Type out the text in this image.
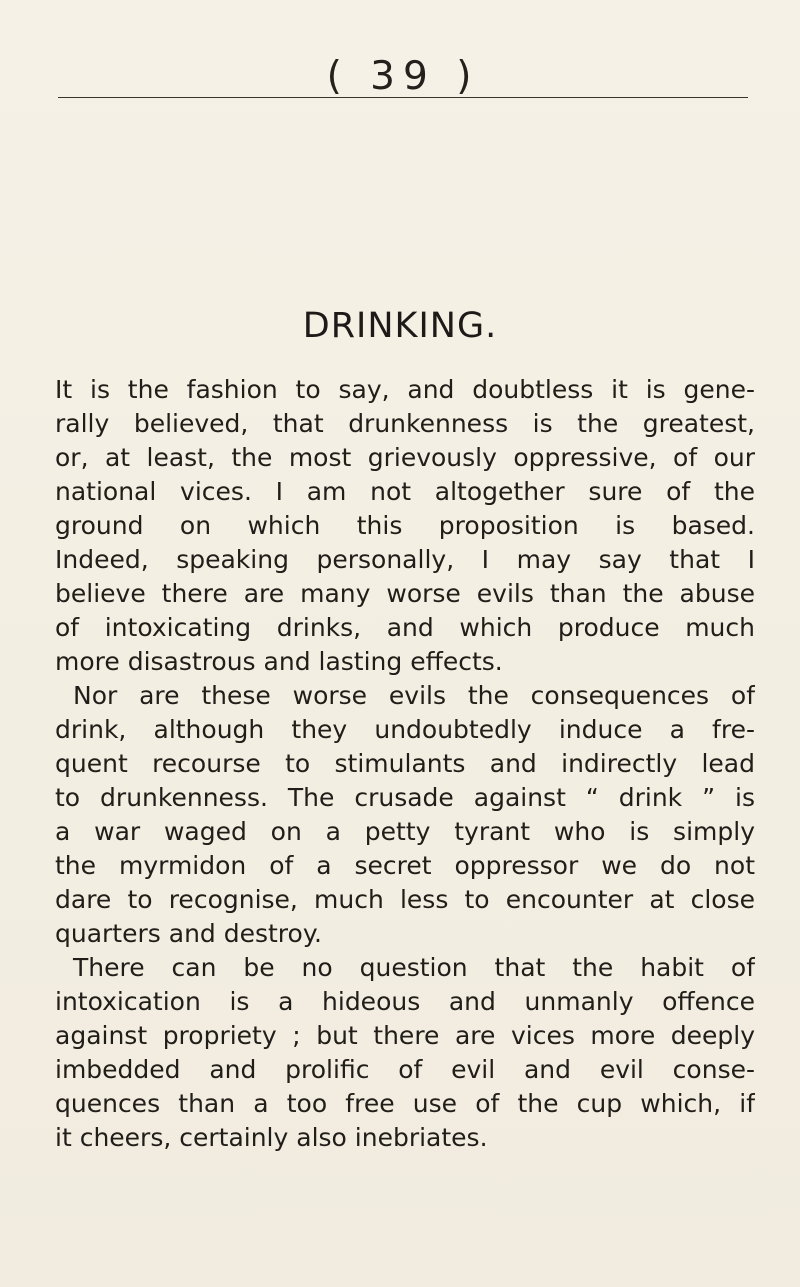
( 39 )
DRINKING.
It is the fashion to say, and doubtless it is gene-
rally believed, that drunkenness is the greatest,
or, at least, the most grievously oppressive, of our
national vices. I am not altogether sure of the
ground on which this proposition is based.
Indeed, speaking personally, I may say that I
believe there are many worse evils than the abuse
of intoxicating drinks, and which produce much
more disastrous and lasting effects.
Nor are these worse evils the consequences of
drink, although they undoubtedly induce a fre-
quent recourse to stimulants and indirectly lead
to drunkenness. The crusade against “ drink ” is
a war waged on a petty tyrant who is simply
the myrmidon of a secret oppressor we do not
dare to recognise, much less to encounter at close
quarters and destroy.
There can be no question that the habit of
intoxication is a hideous and unmanly offence
against propriety ; but there are vices more deeply
imbedded and prolific of evil and evil conse-
quences than a too free use of the cup which, if
it cheers, certainly also inebriates.
